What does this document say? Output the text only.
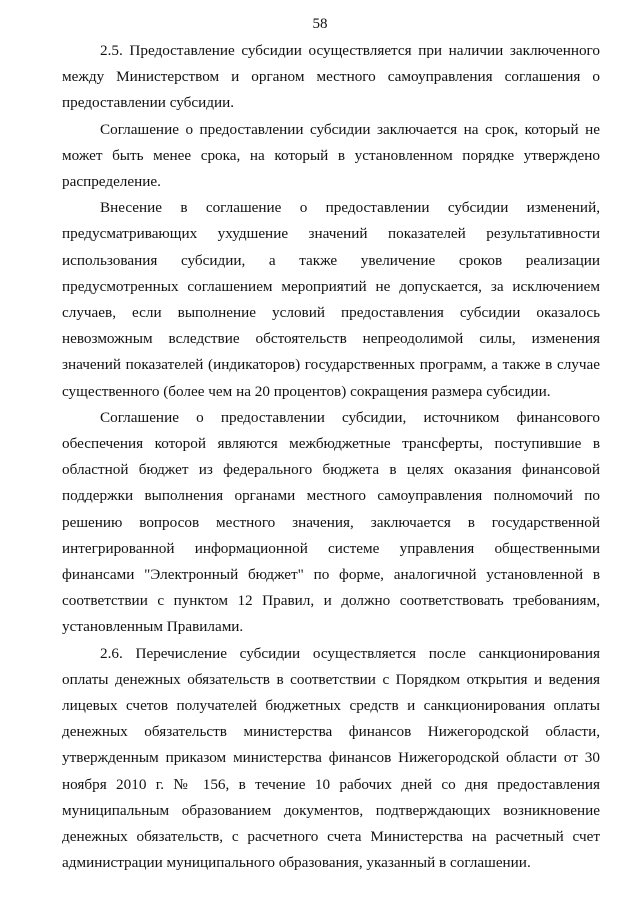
58

2.5. Предоставление субсидии осуществляется при наличии заключенного между Министерством и органом местного самоуправления соглашения о предоставлении субсидии.

Соглашение о предоставлении субсидии заключается на срок, который не может быть менее срока, на который в установленном порядке утверждено распределение.

Внесение в соглашение о предоставлении субсидии изменений, предусматривающих ухудшение значений показателей результативности использования субсидии, а также увеличение сроков реализации предусмотренных соглашением мероприятий не допускается, за исключением случаев, если выполнение условий предоставления субсидии оказалось невозможным вследствие обстоятельств непреодолимой силы, изменения значений показателей (индикаторов) государственных программ, а также в случае существенного (более чем на 20 процентов) сокращения размера субсидии.

Соглашение о предоставлении субсидии, источником финансового обеспечения которой являются межбюджетные трансферты, поступившие в областной бюджет из федерального бюджета в целях оказания финансовой поддержки выполнения органами местного самоуправления полномочий по решению вопросов местного значения, заключается в государственной интегрированной информационной системе управления общественными финансами "Электронный бюджет" по форме, аналогичной установленной в соответствии с пунктом 12 Правил, и должно соответствовать требованиям, установленным Правилами.

2.6. Перечисление субсидии осуществляется после санкционирования оплаты денежных обязательств в соответствии с Порядком открытия и ведения лицевых счетов получателей бюджетных средств и санкционирования оплаты денежных обязательств министерства финансов Нижегородской области, утвержденным приказом министерства финансов Нижегородской области от 30 ноября 2010 г. № 156, в течение 10 рабочих дней со дня предоставления муниципальным образованием документов, подтверждающих возникновение денежных обязательств, с расчетного счета Министерства на расчетный счет администрации муниципального образования, указанный в соглашении.
